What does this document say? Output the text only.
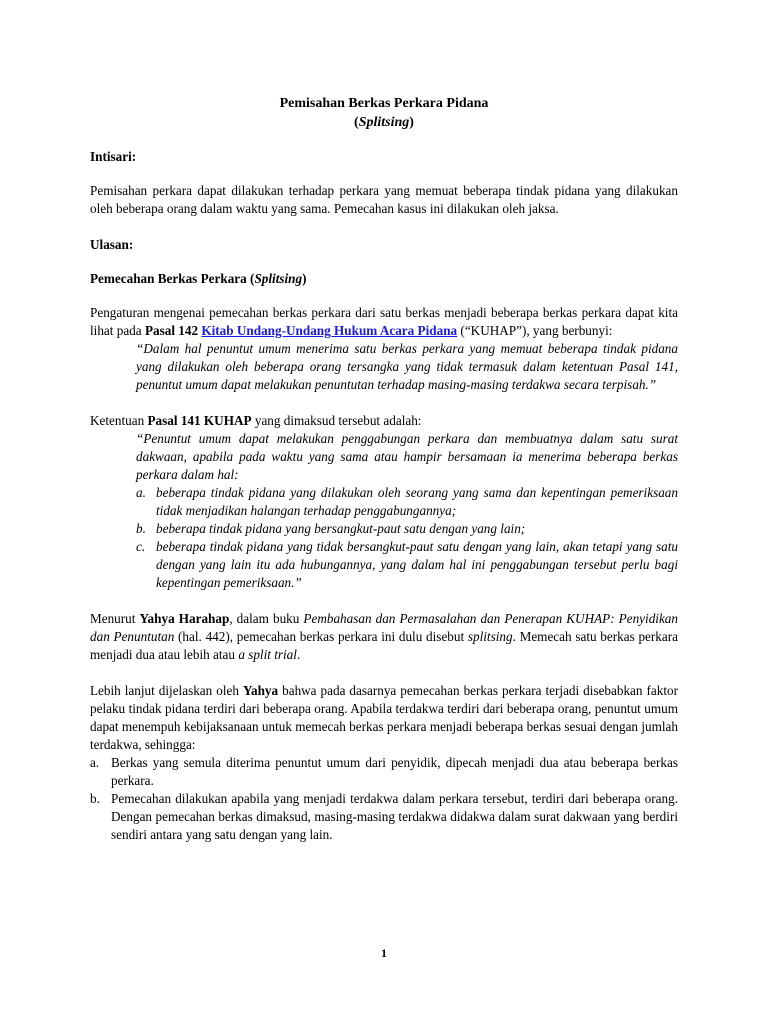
Pemisahan Berkas Perkara Pidana
(Splitsing)
Intisari:

Pemisahan perkara dapat dilakukan terhadap perkara yang memuat beberapa tindak pidana yang dilakukan oleh beberapa orang dalam waktu yang sama. Pemecahan kasus ini dilakukan oleh jaksa.

Ulasan:
Pemecahan Berkas Perkara (Splitsing)

Pengaturan mengenai pemecahan berkas perkara dari satu berkas menjadi beberapa berkas perkara dapat kita lihat pada Pasal 142 Kitab Undang-Undang Hukum Acara Pidana (“KUHAP”), yang berbunyi:

“Dalam hal penuntut umum menerima satu berkas perkara yang memuat beberapa tindak pidana yang dilakukan oleh beberapa orang tersangka yang tidak termasuk dalam ketentuan Pasal 141, penuntut umum dapat melakukan penuntutan terhadap masing-masing terdakwa secara terpisah.”

Ketentuan Pasal 141 KUHAP yang dimaksud tersebut adalah:

“Penuntut umum dapat melakukan penggabungan perkara dan membuatnya dalam satu surat dakwaan, apabila pada waktu yang sama atau hampir bersamaan ia menerima beberapa berkas perkara dalam hal:
a. beberapa tindak pidana yang dilakukan oleh seorang yang sama dan kepentingan pemeriksaan tidak menjadikan halangan terhadap penggabungannya;
b. beberapa tindak pidana yang bersangkut-paut satu dengan yang lain;
c. beberapa tindak pidana yang tidak bersangkut-paut satu dengan yang lain, akan tetapi yang satu dengan yang lain itu ada hubungannya, yang dalam hal ini penggabungan tersebut perlu bagi kepentingan pemeriksaan.”

Menurut Yahya Harahap, dalam buku Pembahasan dan Permasalahan dan Penerapan KUHAP: Penyidikan dan Penuntutan (hal. 442), pemecahan berkas perkara ini dulu disebut splitsing. Memecah satu berkas perkara menjadi dua atau lebih atau a split trial.

Lebih lanjut dijelaskan oleh Yahya bahwa pada dasarnya pemecahan berkas perkara terjadi disebabkan faktor pelaku tindak pidana terdiri dari beberapa orang. Apabila terdakwa terdiri dari beberapa orang, penuntut umum dapat menempuh kebijaksanaan untuk memecah berkas perkara menjadi beberapa berkas sesuai dengan jumlah terdakwa, sehingga:

a. Berkas yang semula diterima penuntut umum dari penyidik, dipecah menjadi dua atau beberapa berkas perkara.
b. Pemecahan dilakukan apabila yang menjadi terdakwa dalam perkara tersebut, terdiri dari beberapa orang. Dengan pemecahan berkas dimaksud, masing-masing terdakwa didakwa dalam surat dakwaan yang berdiri sendiri antara yang satu dengan yang lain.
1
